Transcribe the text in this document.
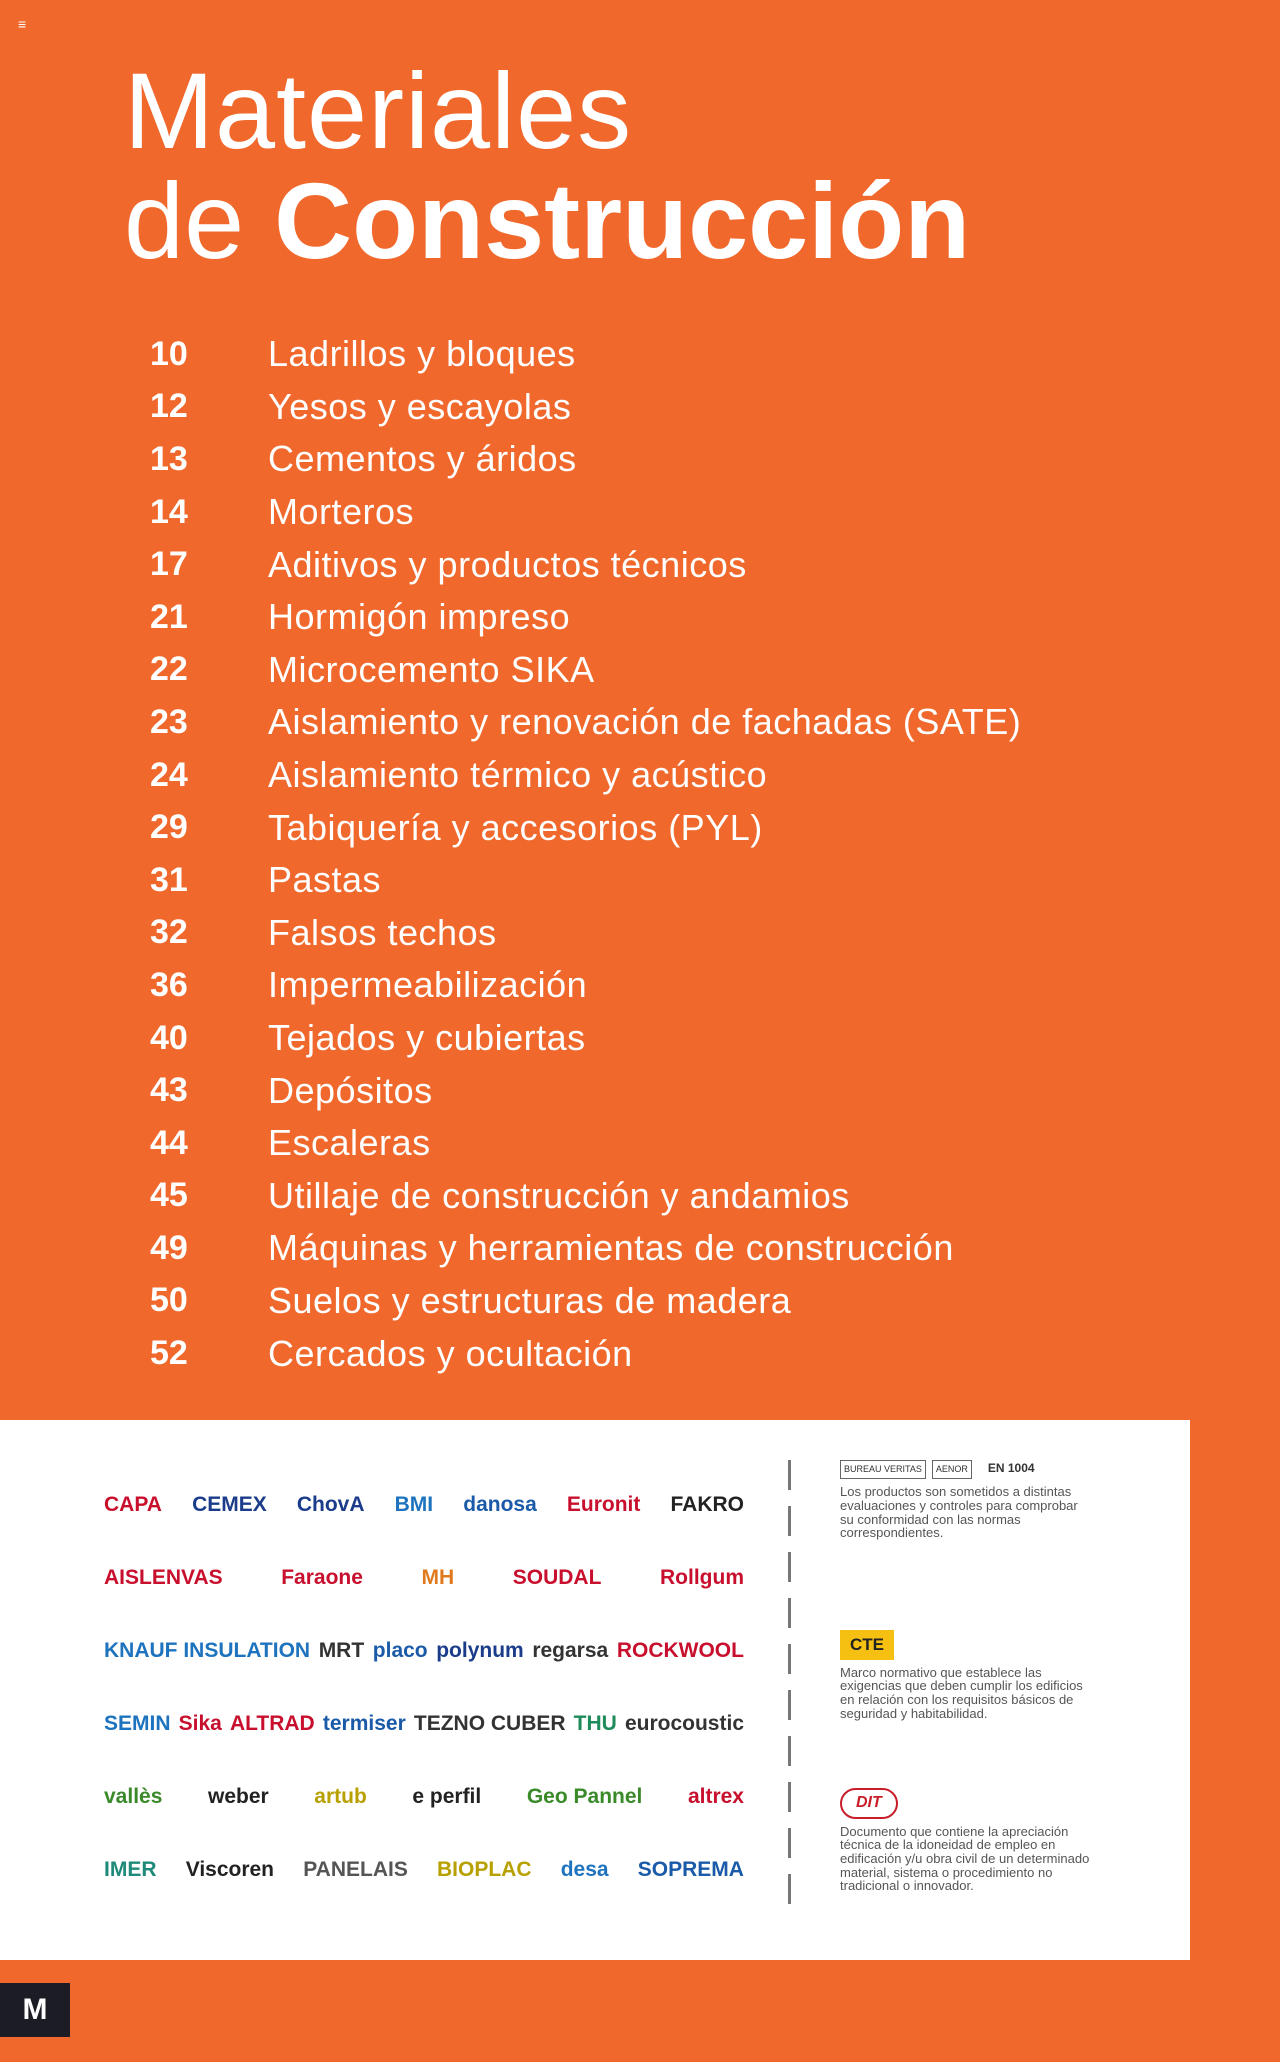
≡
Materiales
de Construcción
10	Ladrillos y bloques
12	Yesos y escayolas
13	Cementos y áridos
14	Morteros
17	Aditivos y productos técnicos
21	Hormigón impreso
22	Microcemento SIKA
23	Aislamiento y renovación de fachadas (SATE)
24	Aislamiento térmico y acústico
29	Tabiquería y accesorios (PYL)
31	Pastas
32	Falsos techos
36	Impermeabilización
40	Tejados y cubiertas
43	Depósitos
44	Escaleras
45	Utillaje de construcción y andamios
49	Máquinas y herramientas de construcción
50	Suelos y estructuras de madera
52	Cercados y ocultación
CAPA CEMEX ChovA BMI danosa Euronit FAKRO
AISLENVAS	Faraone	MH	SOUDAL	Rollgum
KNAUF INSULATION MRT placo polynum regarsa ROCKWOOL
SEMIN Sika ALTRAD termiser TEZNO CUBER THU eurocoustic
vallès weber artub e perfil Geo Pannel altrex
IMER Viscoren PANELAIS BIOPLAC desa SOPREMA
BUREAU VERITAS AENOR EN 1004

Los productos son sometidos a distintas evaluaciones y controles para comprobar su conformidad con las normas correspondientes.

CTE

Marco normativo que establece las exigencias que deben cumplir los edificios en relación con los requisitos básicos de seguridad y habitabilidad.

DIT

Documento que contiene la apreciación técnica de la idoneidad de empleo en edificación y/u obra civil de un determinado material, sistema o procedimiento no tradicional o innovador.

M
